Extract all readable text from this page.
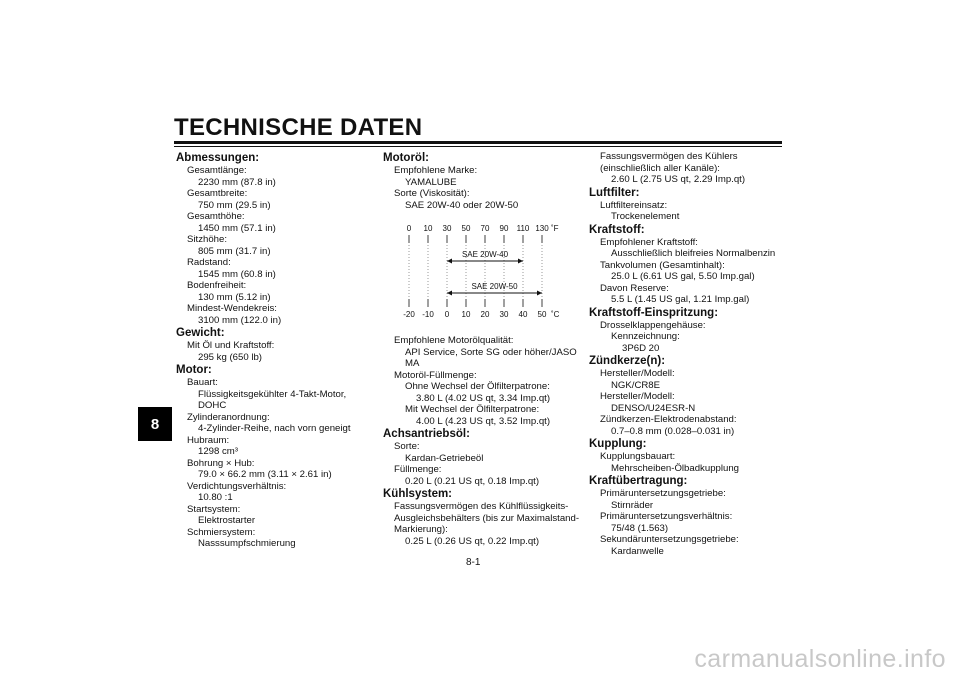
TECHNISCHE DATEN
8
Abmessungen:
Gesamtlänge:
2230 mm (87.8 in)
Gesamtbreite:
750 mm (29.5 in)
Gesamthöhe:
1450 mm (57.1 in)
Sitzhöhe:
805 mm (31.7 in)
Radstand:
1545 mm (60.8 in)
Bodenfreiheit:
130 mm (5.12 in)
Mindest-Wendekreis:
3100 mm (122.0 in)
Gewicht:
Mit Öl und Kraftstoff:
295 kg (650 lb)
Motor:
Bauart:
Flüssigkeitsgekühlter 4-Takt-Motor, DOHC
Zylinderanordnung:
4-Zylinder-Reihe, nach vorn geneigt
Hubraum:
1298 cm³
Bohrung × Hub:
79.0 × 66.2 mm (3.11 × 2.61 in)
Verdichtungsverhältnis:
10.80 :1
Startsystem:
Elektrostarter
Schmiersystem:
Nasssumpfschmierung
Motoröl:
Empfohlene Marke:
YAMALUBE
Sorte (Viskosität):
SAE 20W-40 oder 20W-50
-20 -10 0 10 20 30 40 50
0 10 30 50 70 90 110 130 ˚F
˚C
SAE 20W-40
SAE 20W-50
Empfohlene Motorölqualität:
API Service, Sorte SG oder höher/JASO MA
Motoröl-Füllmenge:
Ohne Wechsel der Ölfilterpatrone:
3.80 L (4.02 US qt, 3.34 Imp.qt)
Mit Wechsel der Ölfilterpatrone:
4.00 L (4.23 US qt, 3.52 Imp.qt)
Achsantriebsöl:
Sorte:
Kardan-Getriebeöl
Füllmenge:
0.20 L (0.21 US qt, 0.18 Imp.qt)
Kühlsystem:
Fassungsvermögen des Kühlflüssigkeits-Ausgleichsbehälters (bis zur Maximalstand-Markierung):
0.25 L (0.26 US qt, 0.22 Imp.qt)
Fassungsvermögen des Kühlers (einschließlich aller Kanäle):
2.60 L (2.75 US qt, 2.29 Imp.qt)
Luftfilter:
Luftfiltereinsatz:
Trockenelement
Kraftstoff:
Empfohlener Kraftstoff:
Ausschließlich bleifreies Normalbenzin
Tankvolumen (Gesamtinhalt):
25.0 L (6.61 US gal, 5.50 Imp.gal)
Davon Reserve:
5.5 L (1.45 US gal, 1.21 Imp.gal)
Kraftstoff-Einspritzung:
Drosselklappengehäuse:
Kennzeichnung:
3P6D 20
Zündkerze(n):
Hersteller/Modell:
NGK/CR8E
Hersteller/Modell:
DENSO/U24ESR-N
Zündkerzen-Elektrodenabstand:
0.7–0.8 mm (0.028–0.031 in)
Kupplung:
Kupplungsbauart:
Mehrscheiben-Ölbadkupplung
Kraftübertragung:
Primäruntersetzungsgetriebe:
Stirnräder
Primäruntersetzungsverhältnis:
75/48 (1.563)
Sekundäruntersetzungsgetriebe:
Kardanwelle
8-1
carmanualsonline.info
